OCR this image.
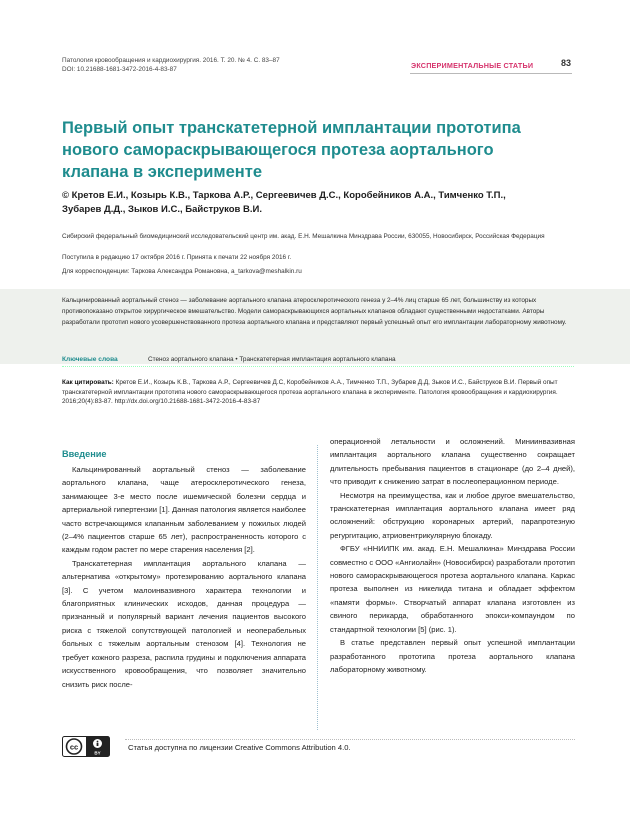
Патология кровообращения и кардиохирургия. 2016. Т. 20. № 4. С. 83–87
DOI: 10.21688-1681-3472-2016-4-83-87	ЭКСПЕРИМЕНТАЛЬНЫЕ СТАТЬИ	83
Первый опыт транскатетерной имплантации прототипа нового самораскрывающегося протеза аортального клапана в эксперименте
© Кретов Е.И., Козырь К.В., Таркова А.Р., Сергеевичев Д.С., Коробейников А.А., Тимченко Т.П.,
Зубарев Д.Д., Зыков И.С., Байструков В.И.
Сибирский федеральный биомедицинский исследовательский центр им. акад. Е.Н. Мешалкина Минздрава России, 630055, Новосибирск, Российская Федерация
Поступила в редакцию 17 октября 2016 г. Принята к печати 22 ноября 2016 г.
Для корреспонденции: Таркова Александра Романовна, a_tarkova@meshalkin.ru
Кальцинированный аортальный стеноз — заболевание аортального клапана атеросклеротического генеза у 2–4% лиц старше 65 лет, большинству из которых противопоказано открытое хирургическое вмешательство. Модели самораскрывающихся аортальных клапанов обладают существенными недостатками. Авторы разработали прототип нового усовершенствованного протеза аортального клапана и представляют первый успешный опыт его имплантации лабораторному животному.
Ключевые слова	Стеноз аортального клапана • Транскатетерная имплантация аортального клапана
Как цитировать: Кретов Е.И., Козырь К.В., Таркова А.Р., Сергеевичев Д.С, Коробейников А.А., Тимченко Т.П., Зубарев Д.Д, Зыков И.С., Байструков В.И. Первый опыт транскатетерной имплантации прототипа нового самораскрывающегося протеза аортального клапана в эксперименте. Патология кровообращения и кардиохирургия. 2016;20(4):83-87. http://dx.doi.org/10.21688-1681-3472-2016-4-83-87
Введение

Кальцинированный аортальный стеноз — заболевание аортального клапана, чаще атеросклеротического генеза, занимающее 3-е место после ишемической болезни сердца и артериальной гипертензии [1]. Данная патология является наиболее часто встречающимся клапанным заболеванием у пожилых людей (2–4% пациентов старше 65 лет), распространенность которого с каждым годом растет по мере старения населения [2].

Транскатетерная имплантация аортального клапана — альтернатива «открытому» протезированию аортального клапана [3]. С учетом малоинвазивного характера технологии и благоприятных клинических исходов, данная процедура — признанный и популярный вариант лечения пациентов высокого риска с тяжелой сопутствующей патологией и неоперабельных больных с тяжелым аортальным стенозом [4]. Технология не требует кожного разреза, распила грудины и подключения аппарата искусственного кровообращения, что позволяет значительно снизить риск после-

операционной летальности и осложнений. Миниинвазивная имплантация аортального клапана существенно сокращает длительность пребывания пациентов в стационаре (до 2–4 дней), что приводит к снижению затрат в послеоперационном периоде.

Несмотря на преимущества, как и любое другое вмешательство, транскатетерная имплантация аортального клапана имеет ряд осложнений: обструкцию коронарных артерий, парапротезную регургитацию, атриовентрикулярную блокаду.

ФГБУ «ННИИПК им. акад. Е.Н. Мешалкина» Минздрава России совместно с ООО «Ангиолайн» (Новосибирск) разработали прототип нового самораскрывающегося протеза аортального клапана. Каркас протеза выполнен из никелида титана и обладает эффектом «памяти формы». Створчатый аппарат клапана изготовлен из свиного перикарда, обработанного эпокси-компаундом по стандартной технологии [5] (рис. 1).

В статье представлен первый опыт успешной имплантации разработанного прототипа протеза аортального клапана лабораторному животному.

cc
BY
Статья доступна по лицензии Creative Commons Attribution 4.0.
